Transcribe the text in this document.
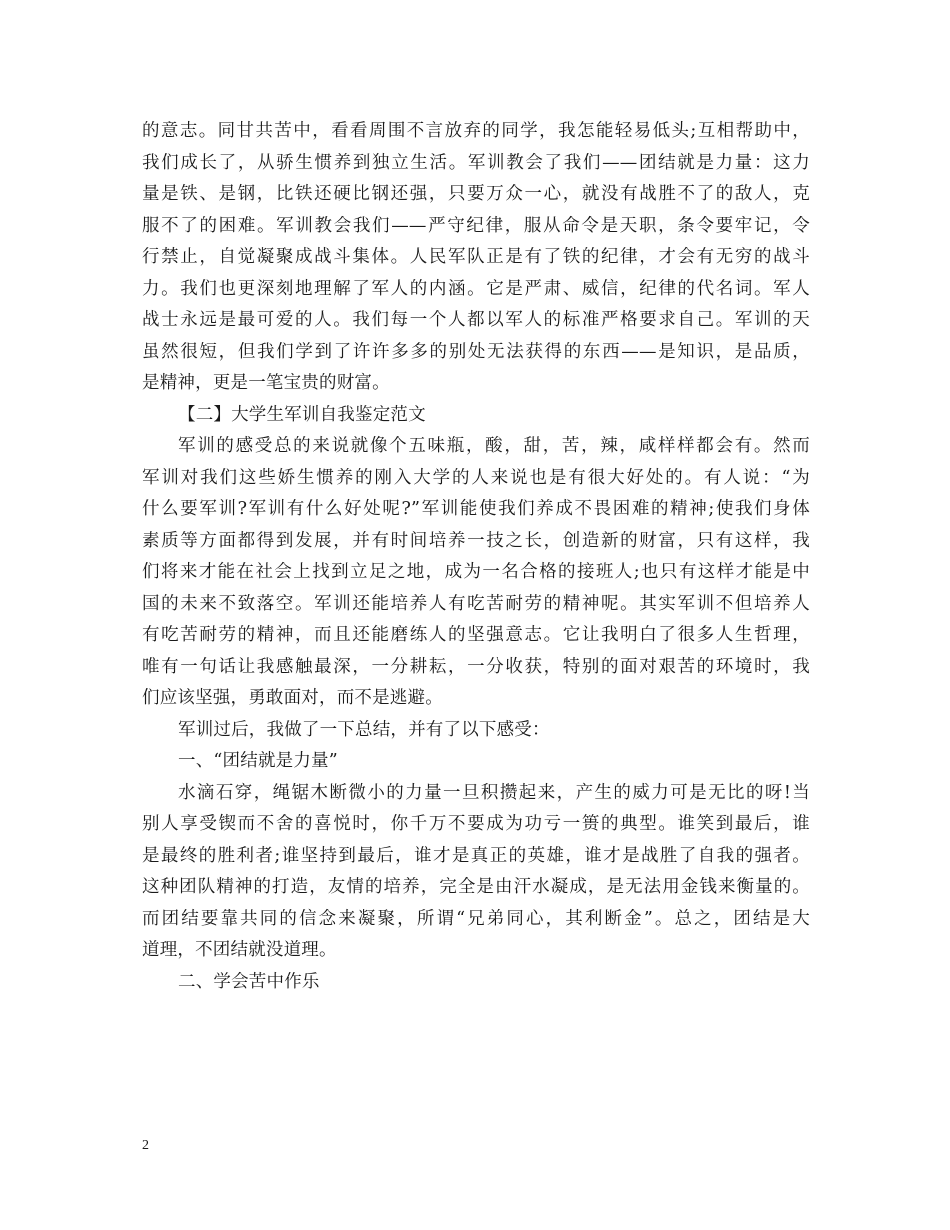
的意志。同甘共苦中，看看周围不言放弃的同学，我怎能轻易低头;互相帮助中，
我们成长了，从骄生惯养到独立生活。军训教会了我们——团结就是力量：这力
量是铁、是钢，比铁还硬比钢还强，只要万众一心，就没有战胜不了的敌人，克
服不了的困难。军训教会我们——严守纪律，服从命令是天职，条令要牢记，令
行禁止，自觉凝聚成战斗集体。人民军队正是有了铁的纪律，才会有无穷的战斗
力。我们也更深刻地理解了军人的内涵。它是严肃、威信，纪律的代名词。军人
战士永远是最可爱的人。我们每一个人都以军人的标准严格要求自己。军训的天
虽然很短，但我们学到了许许多多的别处无法获得的东西——是知识，是品质，
是精神，更是一笔宝贵的财富。
【二】大学生军训自我鉴定范文
军训的感受总的来说就像个五味瓶，酸，甜，苦，辣，咸样样都会有。然而
军训对我们这些娇生惯养的刚入大学的人来说也是有很大好处的。有人说：“为
什么要军训?军训有什么好处呢?”军训能使我们养成不畏困难的精神;使我们身体
素质等方面都得到发展，并有时间培养一技之长，创造新的财富，只有这样，我
们将来才能在社会上找到立足之地，成为一名合格的接班人;也只有这样才能是中
国的未来不致落空。军训还能培养人有吃苦耐劳的精神呢。其实军训不但培养人
有吃苦耐劳的精神，而且还能磨练人的坚强意志。它让我明白了很多人生哲理，
唯有一句话让我感触最深，一分耕耘，一分收获，特别的面对艰苦的环境时，我
们应该坚强，勇敢面对，而不是逃避。
军训过后，我做了一下总结，并有了以下感受：
一、“团结就是力量”
水滴石穿，绳锯木断微小的力量一旦积攒起来，产生的威力可是无比的呀!当
别人享受锲而不舍的喜悦时，你千万不要成为功亏一篑的典型。谁笑到最后，谁
是最终的胜利者;谁坚持到最后，谁才是真正的英雄，谁才是战胜了自我的强者。
这种团队精神的打造，友情的培养，完全是由汗水凝成，是无法用金钱来衡量的。
而团结要靠共同的信念来凝聚，所谓“兄弟同心，其利断金”。总之，团结是大
道理，不团结就没道理。
二、学会苦中作乐
2
